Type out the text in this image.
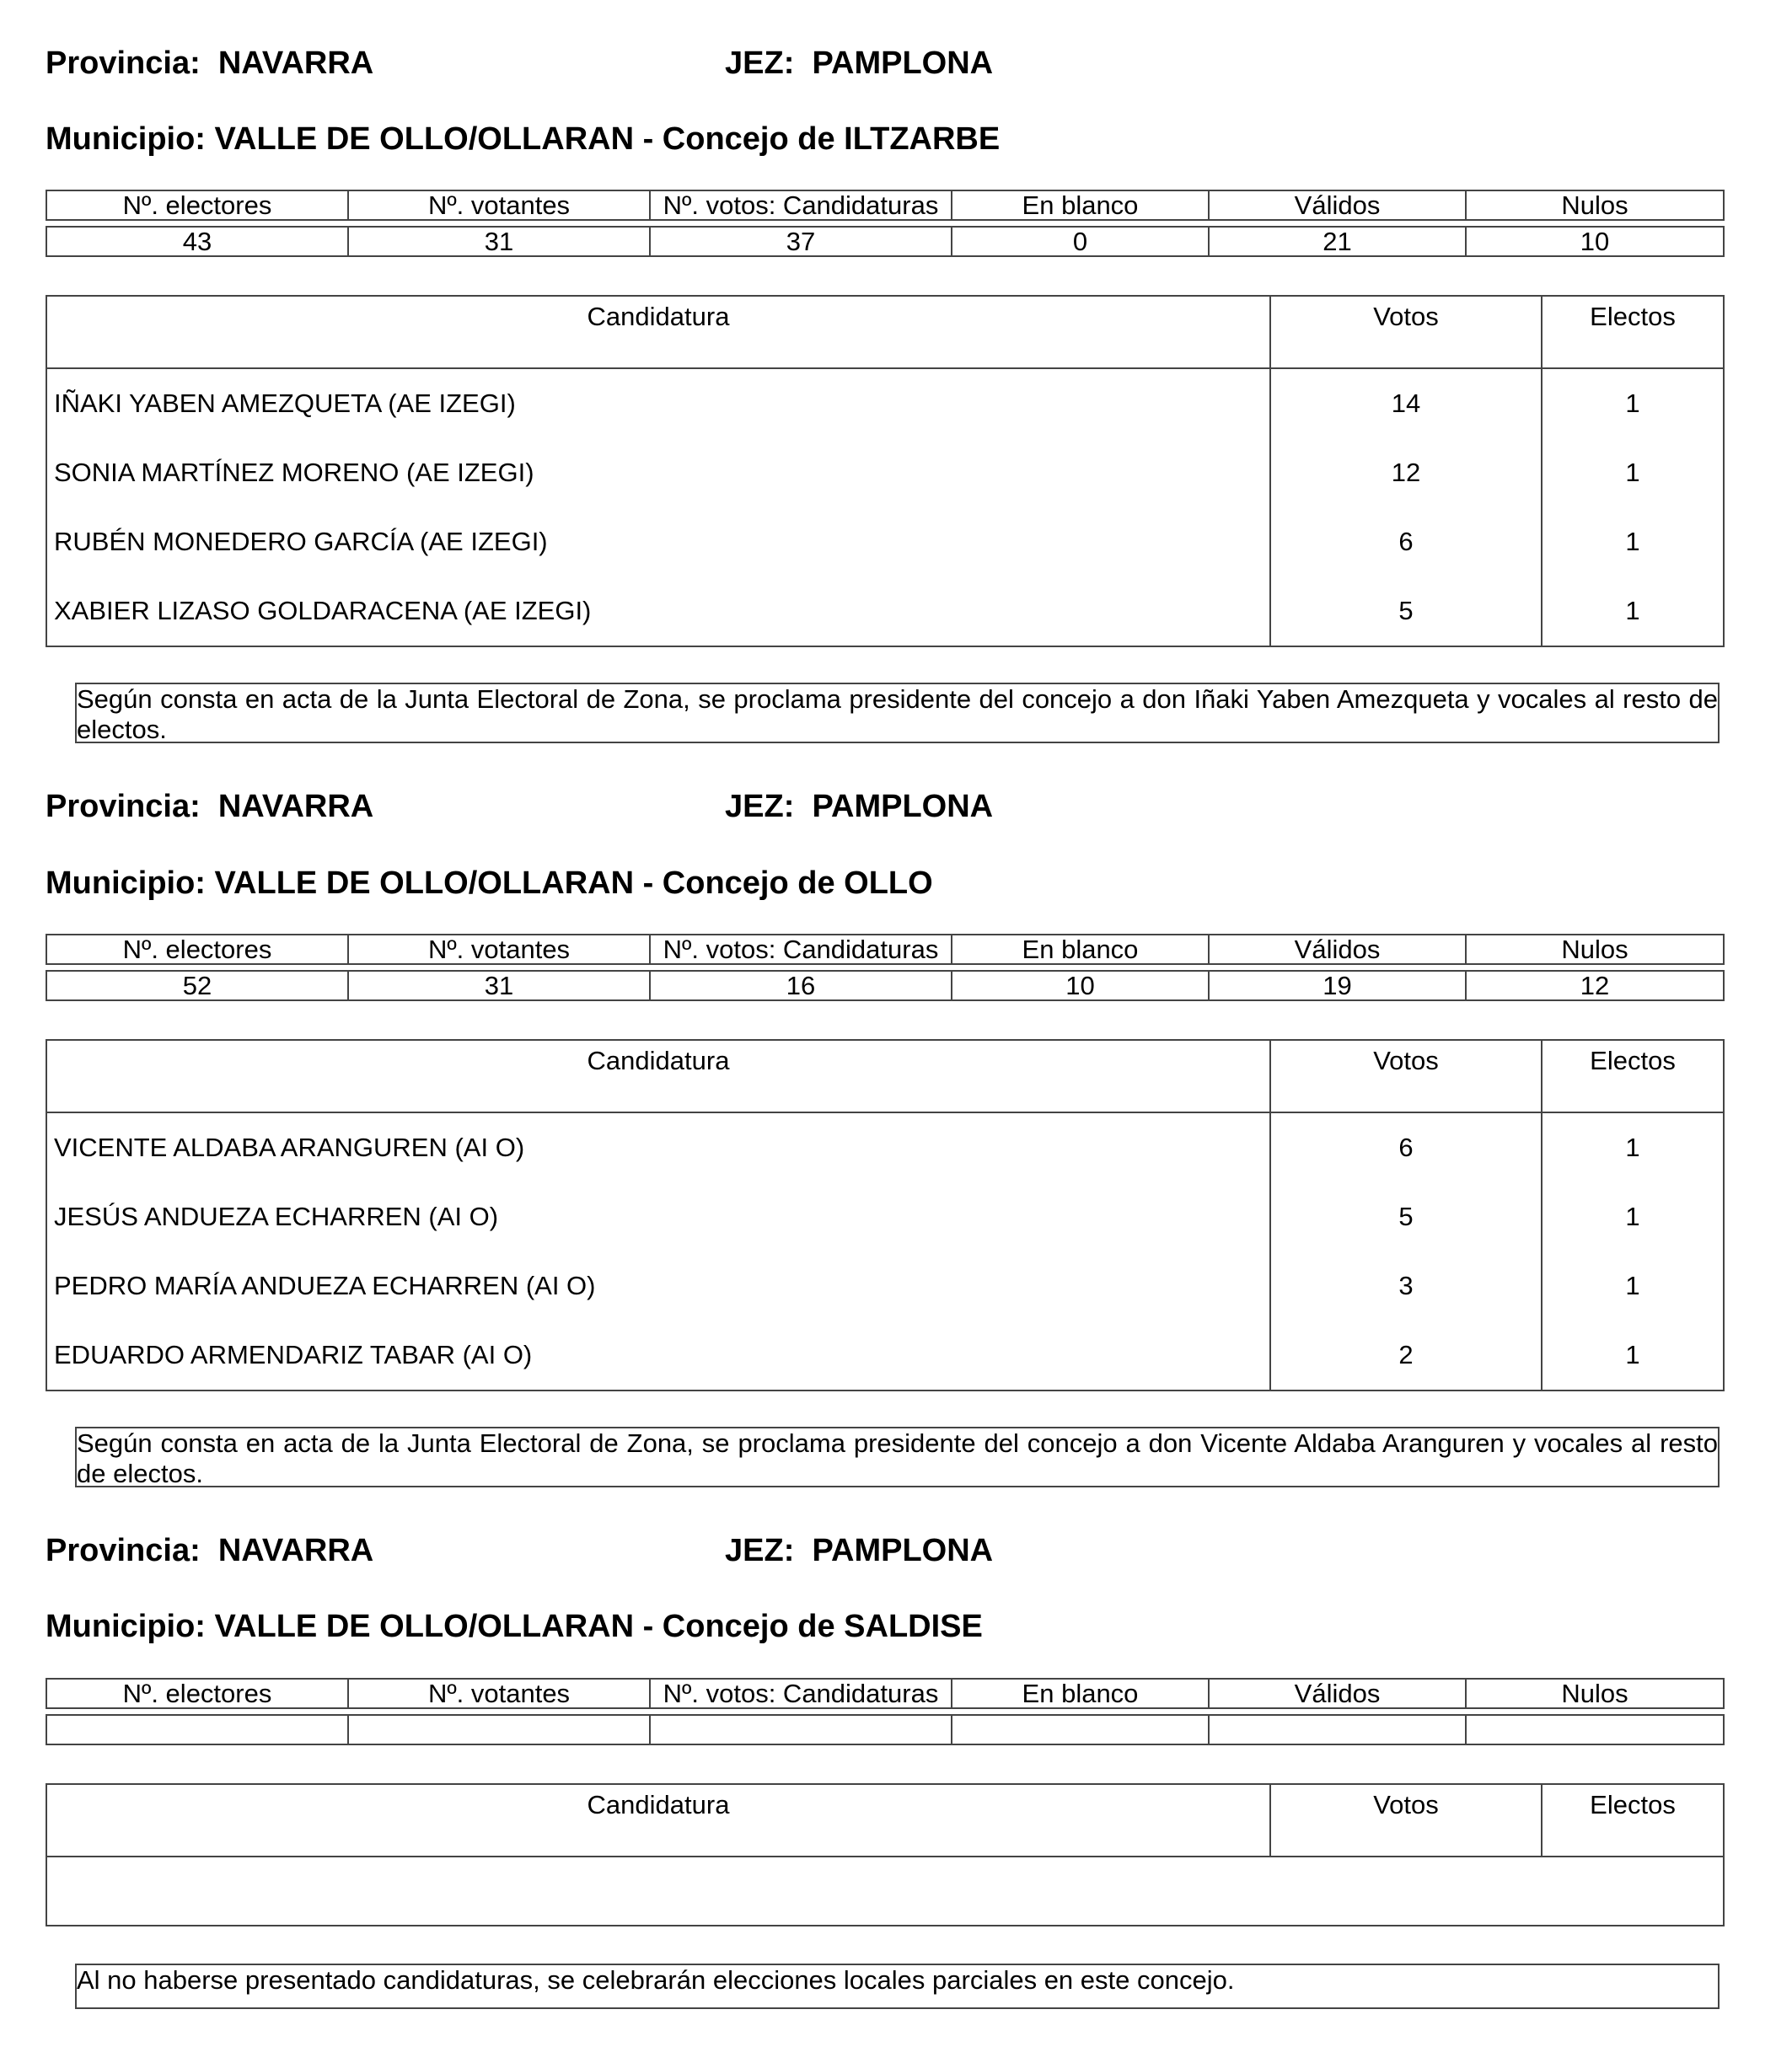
Provincia: NAVARRA	JEZ: PAMPLONA
Municipio: VALLE DE OLLO/OLLARAN - Concejo de ILTZARBE
Nº. electores	Nº. votantes	Nº. votos: Candidaturas	En blanco	Válidos	Nulos

43	31	37	0	21	10
Candidatura	Votos	Electos
IÑAKI YABEN AMEZQUETA (AE IZEGI)	14	1
SONIA MARTÍNEZ MORENO (AE IZEGI)	12	1
RUBÉN MONEDERO GARCÍA (AE IZEGI)	6	1
XABIER LIZASO GOLDARACENA (AE IZEGI)	5	1
Según consta en acta de la Junta Electoral de Zona, se proclama presidente del concejo a don Iñaki Yaben Amezqueta y vocales al resto de electos.
Provincia: NAVARRA	JEZ: PAMPLONA
Municipio: VALLE DE OLLO/OLLARAN - Concejo de OLLO
Nº. electores	Nº. votantes	Nº. votos: Candidaturas	En blanco	Válidos	Nulos

52	31	16	10	19	12
Candidatura	Votos	Electos
VICENTE ALDABA ARANGUREN (AI O)	6	1
JESÚS ANDUEZA ECHARREN (AI O)	5	1
PEDRO MARÍA ANDUEZA ECHARREN (AI O)	3	1
EDUARDO ARMENDARIZ TABAR (AI O)	2	1
Según consta en acta de la Junta Electoral de Zona, se proclama presidente del concejo a don Vicente Aldaba Aranguren y vocales al resto de electos.
Provincia: NAVARRA	JEZ: PAMPLONA
Municipio: VALLE DE OLLO/OLLARAN - Concejo de SALDISE
Nº. electores	Nº. votantes	Nº. votos: Candidaturas	En blanco	Válidos	Nulos

Candidatura	Votos	Electos

Al no haberse presentado candidaturas, se celebrarán elecciones locales parciales en este concejo.
